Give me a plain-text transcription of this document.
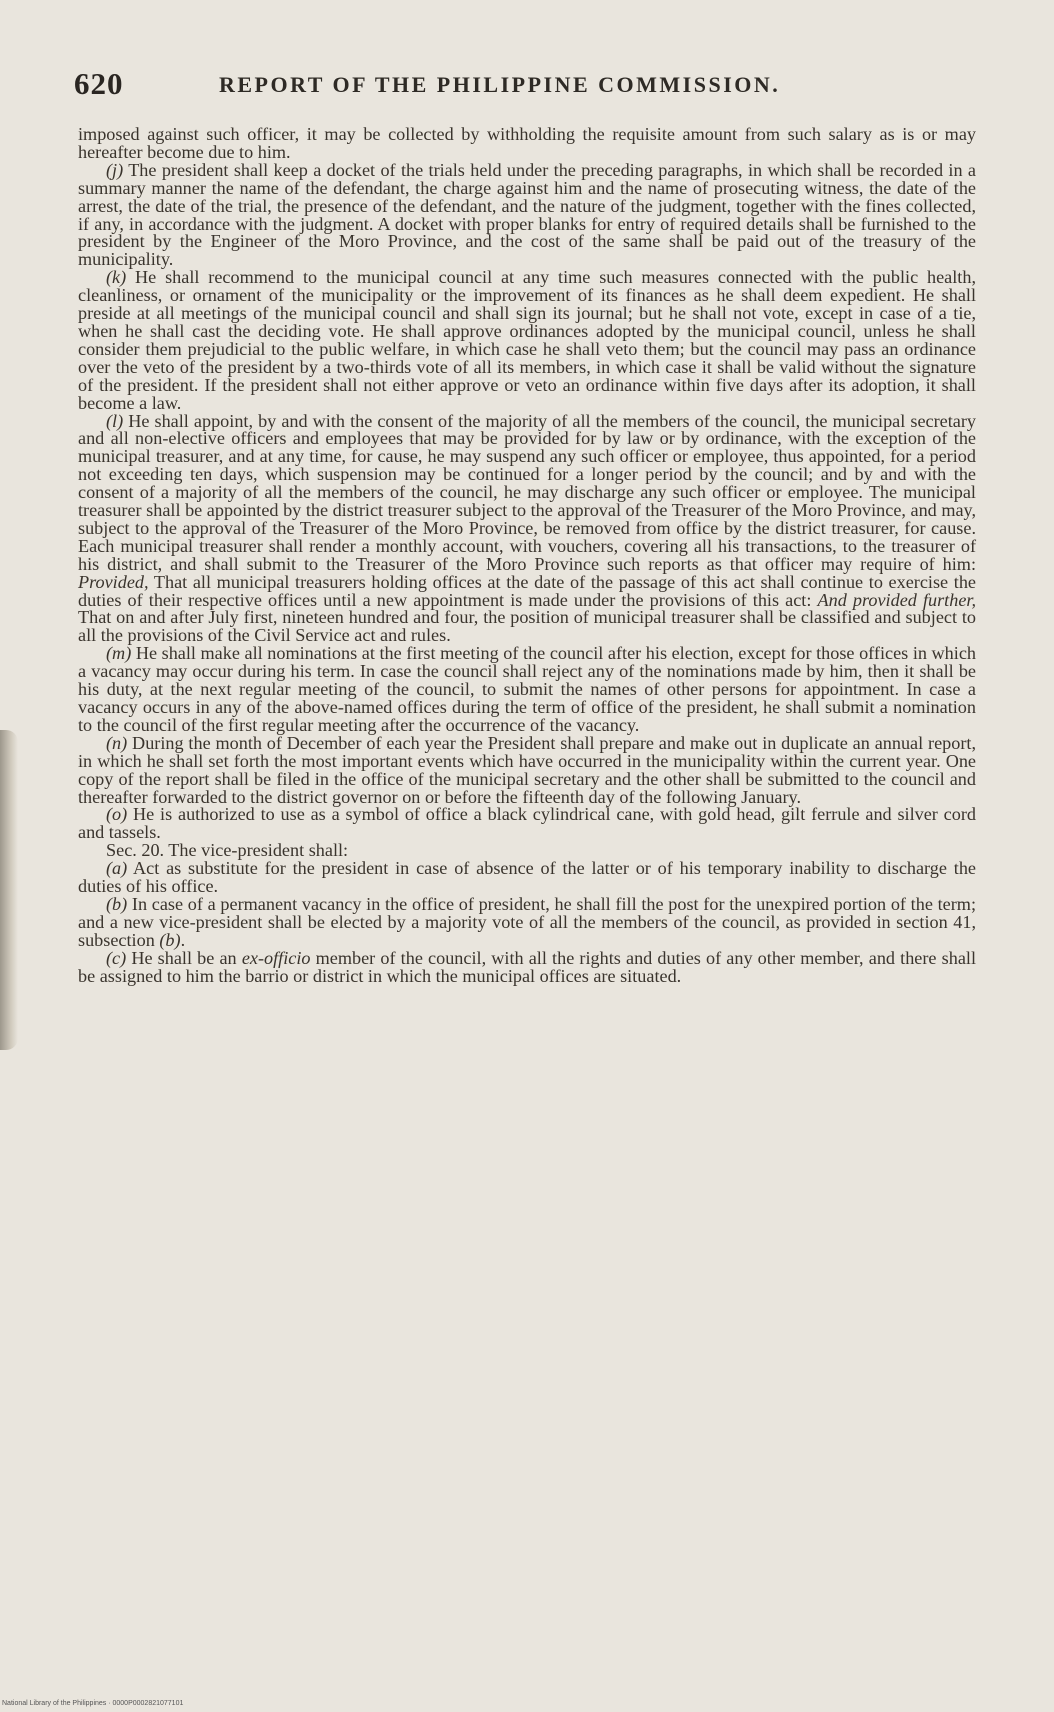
620	REPORT OF THE PHILIPPINE COMMISSION.

imposed against such officer, it may be collected by withholding the requisite amount from such salary as is or may hereafter become due to him.

(j) The president shall keep a docket of the trials held under the preceding paragraphs, in which shall be recorded in a summary manner the name of the defendant, the charge against him and the name of prosecuting witness, the date of the arrest, the date of the trial, the presence of the defendant, and the nature of the judgment, together with the fines collected, if any, in accordance with the judgment. A docket with proper blanks for entry of required details shall be furnished to the president by the Engineer of the Moro Province, and the cost of the same shall be paid out of the treasury of the municipality.

(k) He shall recommend to the municipal council at any time such measures connected with the public health, cleanliness, or ornament of the municipality or the improvement of its finances as he shall deem expedient. He shall preside at all meetings of the municipal council and shall sign its journal; but he shall not vote, except in case of a tie, when he shall cast the deciding vote. He shall approve ordinances adopted by the municipal council, unless he shall consider them prejudicial to the public welfare, in which case he shall veto them; but the council may pass an ordinance over the veto of the president by a two-thirds vote of all its members, in which case it shall be valid without the signature of the president. If the president shall not either approve or veto an ordinance within five days after its adoption, it shall become a law.

(l) He shall appoint, by and with the consent of the majority of all the members of the council, the municipal secretary and all non-elective officers and employees that may be provided for by law or by ordinance, with the exception of the municipal treasurer, and at any time, for cause, he may suspend any such officer or employee, thus appointed, for a period not exceeding ten days, which suspension may be continued for a longer period by the council; and by and with the consent of a majority of all the members of the council, he may discharge any such officer or employee. The municipal treasurer shall be appointed by the district treasurer subject to the approval of the Treasurer of the Moro Province, and may, subject to the approval of the Treasurer of the Moro Province, be removed from office by the district treasurer, for cause. Each municipal treasurer shall render a monthly account, with vouchers, covering all his transactions, to the treasurer of his district, and shall submit to the Treasurer of the Moro Province such reports as that officer may require of him: Provided, That all municipal treasurers holding offices at the date of the passage of this act shall continue to exercise the duties of their respective offices until a new appointment is made under the provisions of this act: And provided further, That on and after July first, nineteen hundred and four, the position of municipal treasurer shall be classified and subject to all the provisions of the Civil Service act and rules.

(m) He shall make all nominations at the first meeting of the council after his election, except for those offices in which a vacancy may occur during his term. In case the council shall reject any of the nominations made by him, then it shall be his duty, at the next regular meeting of the council, to submit the names of other persons for appointment. In case a vacancy occurs in any of the above-named offices during the term of office of the president, he shall submit a nomination to the council of the first regular meeting after the occurrence of the vacancy.

(n) During the month of December of each year the President shall prepare and make out in duplicate an annual report, in which he shall set forth the most important events which have occurred in the municipality within the current year. One copy of the report shall be filed in the office of the municipal secretary and the other shall be submitted to the council and thereafter forwarded to the district governor on or before the fifteenth day of the following January.

(o) He is authorized to use as a symbol of office a black cylindrical cane, with gold head, gilt ferrule and silver cord and tassels.

Sec. 20. The vice-president shall:

(a) Act as substitute for the president in case of absence of the latter or of his temporary inability to discharge the duties of his office.

(b) In case of a permanent vacancy in the office of president, he shall fill the post for the unexpired portion of the term; and a new vice-president shall be elected by a majority vote of all the members of the council, as provided in section 41, subsection (b).

(c) He shall be an ex-officio member of the council, with all the rights and duties of any other member, and there shall be assigned to him the barrio or district in which the municipal offices are situated.

National Library of the Philippines · 0000P0002821077101
